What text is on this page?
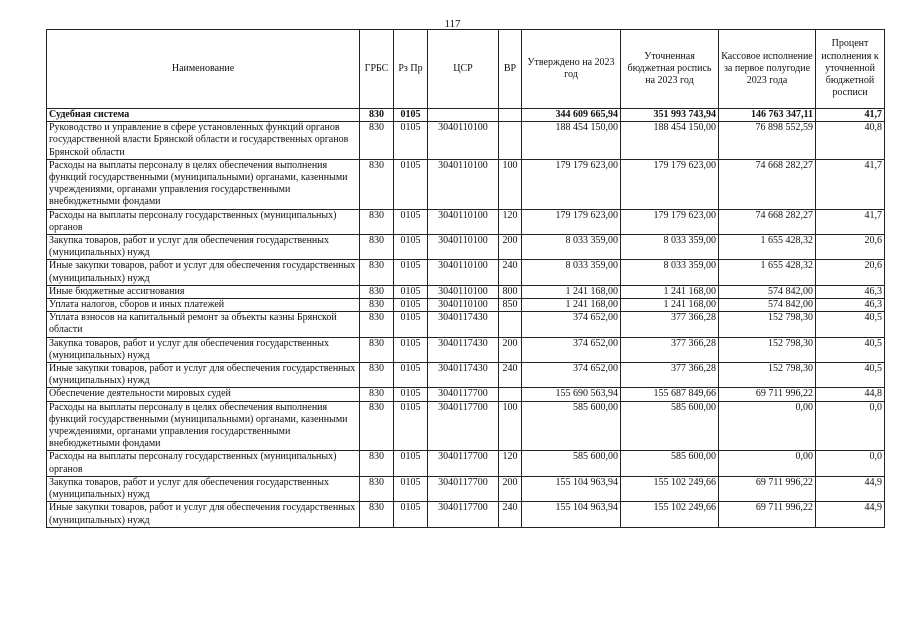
117
Наименование	ГРБС	Рз Пр	ЦСР	ВР	Утверждено на 2023 год	Уточненная бюджетная роспись на 2023 год	Кассовое исполнение за первое полугодие 2023 года	Процент исполнения к уточненной бюджетной росписи
Судебная система	830	0105			344 609 665,94	351 993 743,94	146 763 347,11	41,7
Руководство и управление в сфере установленных функций органов государственной власти Брянской области и государственных органов Брянской области	830	0105	3040110100		188 454 150,00	188 454 150,00	76 898 552,59	40,8
Расходы на выплаты персоналу в целях обеспечения выполнения функций государственными (муниципальными) органами, казенными учреждениями, органами управления государственными внебюджетными фондами	830	0105	3040110100	100	179 179 623,00	179 179 623,00	74 668 282,27	41,7
Расходы на выплаты персоналу государственных (муниципальных) органов	830	0105	3040110100	120	179 179 623,00	179 179 623,00	74 668 282,27	41,7
Закупка товаров, работ и услуг для обеспечения государственных (муниципальных) нужд	830	0105	3040110100	200	8 033 359,00	8 033 359,00	1 655 428,32	20,6
Иные закупки товаров, работ и услуг для обеспечения государственных (муниципальных) нужд	830	0105	3040110100	240	8 033 359,00	8 033 359,00	1 655 428,32	20,6
Иные бюджетные ассигнования	830	0105	3040110100	800	1 241 168,00	1 241 168,00	574 842,00	46,3
Уплата налогов, сборов и иных платежей	830	0105	3040110100	850	1 241 168,00	1 241 168,00	574 842,00	46,3
Уплата взносов на капитальный ремонт за объекты казны Брянской области	830	0105	3040117430		374 652,00	377 366,28	152 798,30	40,5
Закупка товаров, работ и услуг для обеспечения государственных (муниципальных) нужд	830	0105	3040117430	200	374 652,00	377 366,28	152 798,30	40,5
Иные закупки товаров, работ и услуг для обеспечения государственных (муниципальных) нужд	830	0105	3040117430	240	374 652,00	377 366,28	152 798,30	40,5
Обеспечение деятельности мировых судей	830	0105	3040117700		155 690 563,94	155 687 849,66	69 711 996,22	44,8
Расходы на выплаты персоналу в целях обеспечения выполнения функций государственными (муниципальными) органами, казенными учреждениями, органами управления государственными внебюджетными фондами	830	0105	3040117700	100	585 600,00	585 600,00	0,00	0,0
Расходы на выплаты персоналу государственных (муниципальных) органов	830	0105	3040117700	120	585 600,00	585 600,00	0,00	0,0
Закупка товаров, работ и услуг для обеспечения государственных (муниципальных) нужд	830	0105	3040117700	200	155 104 963,94	155 102 249,66	69 711 996,22	44,9
Иные закупки товаров, работ и услуг для обеспечения государственных (муниципальных) нужд	830	0105	3040117700	240	155 104 963,94	155 102 249,66	69 711 996,22	44,9
